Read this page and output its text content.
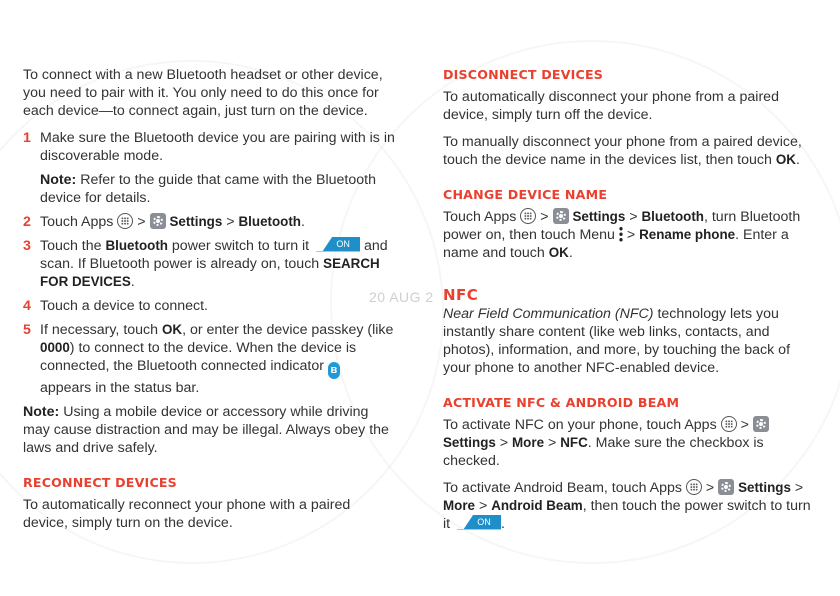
20 AUG 2

To connect with a new Bluetooth headset or other device, you need to pair with it. You only need to do this once for each device—to connect again, just turn on the device.

1 Make sure the Bluetooth device you are pairing with is in discoverable mode.
Note: Refer to the guide that came with the Bluetooth device for details.
2 Touch Apps > Settings > Bluetooth.
3 Touch the Bluetooth power switch to turn it	ON	and scan. If Bluetooth power is already on, touch SEARCH FOR DEVICES.
4 Touch a device to connect.
5 If necessary, touch OK, or enter the device passkey (like 0000) to connect to the device. When the device is connected, the Bluetooth connected indicator ʙ appears in the status bar.

Note: Using a mobile device or accessory while driving may cause distraction and may be illegal. Always obey the laws and drive safely.

RECONNECT DEVICES

To automatically reconnect your phone with a paired device, simply turn on the device.

DISCONNECT DEVICES

To automatically disconnect your phone from a paired device, simply turn off the device.

To manually disconnect your phone from a paired device, touch the device name in the devices list, then touch OK.

CHANGE DEVICE NAME

Touch Apps > Settings > Bluetooth, turn Bluetooth power on, then touch Menu > Rename phone. Enter a name and touch OK.

NFC

Near Field Communication (NFC) technology lets you instantly share content (like web links, contacts, and photos), information, and more, by touching the back of your phone to another NFC-enabled device.

ACTIVATE NFC & ANDROID BEAM

To activate NFC on your phone, touch Apps >  Settings > More > NFC. Make sure the checkbox is checked.

To activate Android Beam, touch Apps > Settings > More > Android Beam, then touch the power switch to turn it	ON .
